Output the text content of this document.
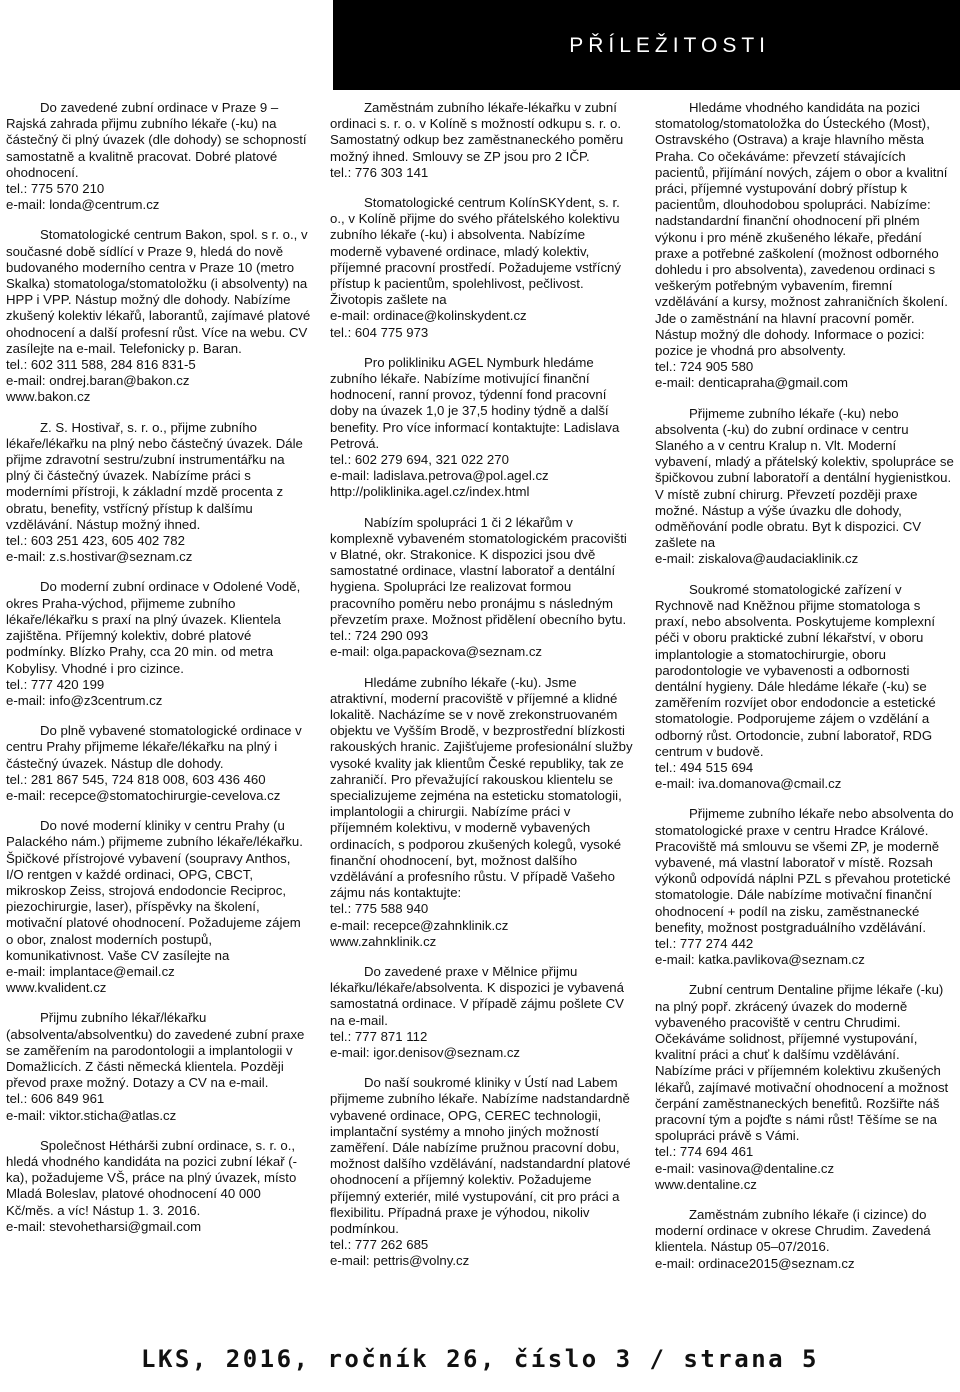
PŘÍLEŽITOSTI

Do zavedené zubní ordinace v Praze 9 – Rajská zahrada přijmu zubního lékaře (-ku) na částečný či plný úvazek (dle dohody) se schopností samostatně a kvalitně pracovat. Dobré platové ohodnocení.
tel.: 775 570 210
e-mail: londa@centrum.cz

Stomatologické centrum Bakon, spol. s r. o., v současné době sídlící v Praze 9, hledá do nově budovaného moderního centra v Praze 10 (metro Skalka) stomatologa/stomatoložku (i absolventy) na HPP i VPP. Nástup možný dle dohody. Nabízíme zkušený kolektiv lékařů, laborantů, zajímavé platové ohodnocení a další profesní růst. Více na webu. CV zasílejte na e-mail. Telefonicky p. Baran.
tel.: 602 311 588, 284 816 831-5
e-mail: ondrej.baran@bakon.cz
www.bakon.cz

Z. S. Hostivař, s. r. o., přijme zubního lékaře/lékařku na plný nebo částečný úvazek. Dále přijme zdravotní sestru/zubní instrumentářku na plný či částečný úvazek. Nabízíme práci s moderními přístroji, k základní mzdě procenta z obratu, benefity, vstřícný přístup k dalšímu vzdělávání. Nástup možný ihned.
tel.: 603 251 423, 605 402 782
e-mail: z.s.hostivar@seznam.cz

Do moderní zubní ordinace v Odolené Vodě, okres Praha-východ, přijmeme zubního lékaře/lékařku s praxí na plný úvazek. Klientela zajištěna. Příjemný kolektiv, dobré platové podmínky. Blízko Prahy, cca 20 min. od metra Kobylisy. Vhodné i pro cizince.
tel.: 777 420 199
e-mail: info@z3centrum.cz

Do plně vybavené stomatologické ordinace v centru Prahy přijmeme lékaře/lékařku na plný i částečný úvazek. Nástup dle dohody.
tel.: 281 867 545, 724 818 008, 603 436 460
e-mail: recepce@stomatochirurgie-cevelova.cz

Do nové moderní kliniky v centru Prahy (u Palackého nám.) přijmeme zubního lékaře/lékařku. Špičkové přístrojové vybavení (soupravy Anthos, I/O rentgen v každé ordinaci, OPG, CBCT, mikroskop Zeiss, strojová endodoncie Reciproc, piezochirurgie, laser), příspěvky na školení, motivační platové ohodnocení. Požadujeme zájem o obor, znalost moderních postupů, komunikativnost. Vaše CV zasílejte na
e-mail: implantace@email.cz
www.kvalident.cz

Přijmu zubního lékař/lékařku (absolventa/absolventku) do zavedené zubní praxe se zaměřením na parodontologii a implantologii v Domažlicích. Z části německá klientela. Později převod praxe možný. Dotazy a CV na e-mail.
tel.: 606 849 961
e-mail: viktor.sticha@atlas.cz

Společnost Héthárši zubní ordinace, s. r. o., hledá vhodného kandidáta na pozici zubní lékař (-ka), požadujeme VŠ, práce na plný úvazek, místo Mladá Boleslav, platové ohodnocení 40 000 Kč/měs. a víc! Nástup 1. 3. 2016.
e-mail: stevohetharsi@gmail.com

Zaměstnám zubního lékaře-lékařku v zubní ordinaci s. r. o. v Kolíně s možností odkupu s. r. o. Samostatný odkup bez zaměstnaneckého poměru možný ihned. Smlouvy se ZP jsou pro 2 IČP.
tel.: 776 303 141

Stomatologické centrum KolínSKYdent, s. r. o., v Kolíně přijme do svého přátelského kolektivu zubního lékaře (-ku) i absolventa. Nabízíme moderně vybavené ordinace, mladý kolektiv, příjemné pracovní prostředí. Požadujeme vstřícný přístup k pacientům, spolehlivost, pečlivost. Životopis zašlete na
e-mail: ordinace@kolinskydent.cz
tel.: 604 775 973

Pro polikliniku AGEL Nymburk hledáme zubního lékaře. Nabízíme motivující finanční hodnocení, ranní provoz, týdenní fond pracovní doby na úvazek 1,0 je 37,5 hodiny týdně a další benefity. Pro více informací kontaktujte: Ladislava Petrová.
tel.: 602 279 694, 321 022 270
e-mail: ladislava.petrova@pol.agel.cz
http://poliklinika.agel.cz/index.html

Nabízím spolupráci 1 či 2 lékařům v komplexně vybaveném stomatologickém pracovišti v Blatné, okr. Strakonice. K dispozici jsou dvě samostatné ordinace, vlastní laboratoř a dentální hygiena. Spolupráci lze realizovat formou pracovního poměru nebo pronájmu s následným převzetím praxe. Možnost přidělení obecního bytu.
tel.: 724 290 093
e-mail: olga.papackova@seznam.cz

Hledáme zubního lékaře (-ku). Jsme atraktivní, moderní pracoviště v příjemné a klidné lokalitě. Nacházíme se v nově zrekonstruovaném objektu ve Vyšším Brodě, v bezprostřední blízkosti rakouských hranic. Zajišťujeme profesionální služby vysoké kvality jak klientům České republiky, tak ze zahraničí. Pro převažující rakouskou klientelu se specializujeme zejména na esteticku stomatologii, implantologii a chirurgii. Nabízíme práci v příjemném kolektivu, v moderně vybavených ordinacích, s podporou zkušených kolegů, vysoké finanční ohodnocení, byt, možnost dalšího vzdělávání a profesního růstu. V případě Vašeho zájmu nás kontaktujte:
tel.: 775 588 940
e-mail: recepce@zahnklinik.cz
www.zahnklinik.cz

Do zavedené praxe v Mělnice přijmu lékařku/lékaře/absolventa. K dispozici je vybavená samostatná ordinace. V případě zájmu pošlete CV na e-mail.
tel.: 777 871 112
e-mail: igor.denisov@seznam.cz

Do naší soukromé kliniky v Ústí nad Labem přijmeme zubního lékaře. Nabízíme nadstandardně vybavené ordinace, OPG, CEREC technologii, implantační systémy a mnoho jiných možností zaměření. Dále nabízíme pružnou pracovní dobu, možnost dalšího vzdělávání, nadstandardní platové ohodnocení a příjemný kolektiv. Požadujeme příjemný exteriér, milé vystupování, cit pro práci a flexibilitu. Případná praxe je výhodou, nikoliv podmínkou.
tel.: 777 262 685
e-mail: pettris@volny.cz

Hledáme vhodného kandidáta na pozici stomatolog/stomatoložka do Ústeckého (Most), Ostravského (Ostrava) a kraje hlavního města Praha. Co očekáváme: převzetí stávajících pacientů, přijímání nových, zájem o obor a kvalitní práci, příjemné vystupování dobrý přístup k pacientům, dlouhodobou spolupráci. Nabízíme: nadstandardní finanční ohodnocení při plném výkonu i pro méně zkušeného lékaře, předání praxe a potřebné zaškolení (možnost odborného dohledu i pro absolventa), zavedenou ordinaci s veškerým potřebným vybavením, firemní vzdělávání a kursy, možnost zahraničních školení. Jde o zaměstnání na hlavní pracovní poměr. Nástup možný dle dohody. Informace o pozici: pozice je vhodná pro absolventy.
tel.: 724 905 580
e-mail: denticapraha@gmail.com

Přijmeme zubního lékaře (-ku) nebo absolventa (-ku) do zubní ordinace v centru Slaného a v centru Kralup n. Vlt. Moderní vybavení, mladý a přátelský kolektiv, spolupráce se špičkovou zubní laboratoří a dentální hygienistkou. V místě zubní chirurg. Převzetí později praxe možné. Nástup a výše úvazku dle dohody, odměňování podle obratu. Byt k dispozici. CV zašlete na
e-mail: ziskalova@audaciaklinik.cz

Soukromé stomatologické zařízení v Rychnově nad Kněžnou přijme stomatologa s praxí, nebo absolventa. Poskytujeme komplexní péči v oboru praktické zubní lékařství, v oboru implantologie a stomatochirurgie, oboru parodontologie ve vybavenosti a odbornosti dentální hygieny. Dále hledáme lékaře (-ku) se zaměřením rozvíjet obor endodoncie a estetické stomatologie. Podporujeme zájem o vzdělání a odborný růst. Ortodoncie, zubní laboratoř, RDG centrum v budově.
tel.: 494 515 694
e-mail: iva.domanova@cmail.cz

Přijmeme zubního lékaře nebo absolventa do stomatologické praxe v centru Hradce Králové. Pracoviště má smlouvu se všemi ZP, je moderně vybavené, má vlastní laboratoř v místě. Rozsah výkonů odpovídá náplni PZL s převahou protetické stomatologie. Dále nabízíme motivační finanční ohodnocení + podíl na zisku, zaměstnanecké benefity, možnost postgraduálního vzdělávání.
tel.: 777 274 442
e-mail: katka.pavlikova@seznam.cz

Zubní centrum Dentaline přijme lékaře (-ku) na plný popř. zkrácený úvazek do moderně vybaveného pracoviště v centru Chrudimi. Očekáváme solidnost, příjemné vystupování, kvalitní práci a chuť k dalšímu vzdělávání. Nabízíme práci v příjemném kolektivu zkušených lékařů, zajímavé motivační ohodnocení a možnost čerpání zaměstnaneckých benefitů. Rozšiřte náš pracovní tým a pojďte s námi růst! Těšíme se na spolupráci právě s Vámi.
tel.: 774 694 461
e-mail: vasinova@dentaline.cz
www.dentaline.cz

Zaměstnám zubního lékaře (i cizince) do moderní ordinace v okrese Chrudim. Zavedená klientela. Nástup 05–07/2016.
e-mail: ordinace2015@seznam.cz

LKS, 2016, ročník 26, číslo 3 / strana 5
